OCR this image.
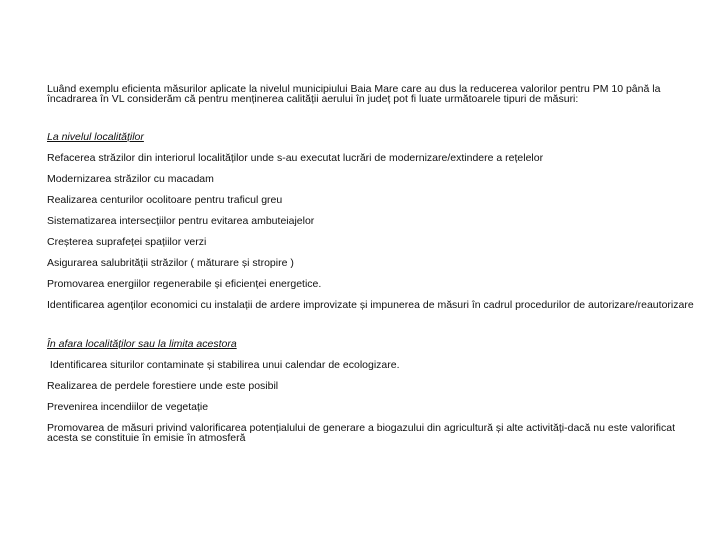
Luând exemplu eficienta măsurilor aplicate la nivelul municipiului Baia Mare care au dus la reducerea valorilor pentru PM 10 până la încadrarea în VL considerăm că pentru menținerea calității aerului în județ pot fi luate următoarele tipuri de măsuri:

La nivelul localităților

Refacerea străzilor din interiorul localităților unde s-au executat lucrări de modernizare/extindere a rețelelor

Modernizarea străzilor cu macadam

Realizarea centurilor ocolitoare pentru traficul greu

Sistematizarea intersecțiilor pentru evitarea ambuteiajelor

Creșterea suprafeței spațiilor verzi

Asigurarea salubrității străzilor ( măturare și stropire )

Promovarea energiilor regenerabile și eficienței energetice.

Identificarea agenților economici cu instalații de ardere improvizate și impunerea de măsuri în cadrul procedurilor de autorizare/reautorizare

În afara localităților sau la limita acestora

Identificarea siturilor contaminate și stabilirea unui calendar de ecologizare.

Realizarea de perdele forestiere unde este posibil

Prevenirea incendiilor de vegetație

Promovarea de măsuri privind valorificarea potențialului de generare a biogazului din agricultură și alte activități-dacă nu este valorificat acesta se constituie în emisie în atmosferă
